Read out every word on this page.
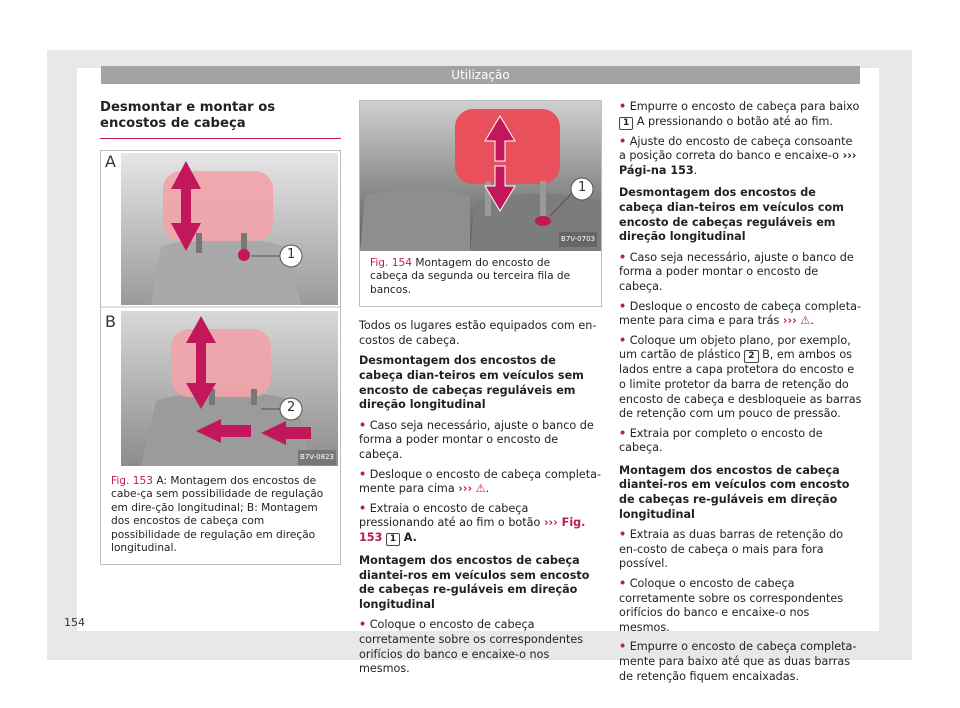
Utilização
Desmontar e montar os encostos de cabeça
A
B
1
2
B7V-0823
Fig. 153 A: Montagem dos encostos de cabe-ça sem possibilidade de regulação em dire-ção longitudinal; B: Montagem dos encostos de cabeça com possibilidade de regulação em direção longitudinal.
1
B7V-0703
Fig. 154 Montagem do encosto de cabeça da segunda ou terceira fila de bancos.

Todos os lugares estão equipados com en-costos de cabeça.

Desmontagem dos encostos de cabeça dian-teiros em veículos sem encosto de cabeças reguláveis em direção longitudinal

• Caso seja necessário, ajuste o banco de forma a poder montar o encosto de cabeça.
• Desloque o encosto de cabeça completa-mente para cima ››› ⚠.
• Extraia o encosto de cabeça pressionando até ao fim o botão ››› Fig. 153 1 A.

Montagem dos encostos de cabeça diantei-ros em veículos sem encosto de cabeças re-guláveis em direção longitudinal

• Coloque o encosto de cabeça corretamente sobre os correspondentes orifícios do banco e encaixe-o nos mesmos.
• Empurre o encosto de cabeça para baixo 1 A pressionando o botão até ao fim.
• Ajuste do encosto de cabeça consoante a posição correta do banco e encaixe-o ››› Pági-na 153.

Desmontagem dos encostos de cabeça dian-teiros em veículos com encosto de cabeças reguláveis em direção longitudinal

• Caso seja necessário, ajuste o banco de forma a poder montar o encosto de cabeça.
• Desloque o encosto de cabeça completa-mente para cima e para trás ››› ⚠.
• Coloque um objeto plano, por exemplo, um cartão de plástico 2 B, em ambos os lados entre a capa protetora do encosto e o limite protetor da barra de retenção do encosto de cabeça e desbloqueie as barras de retenção com um pouco de pressão.
• Extraia por completo o encosto de cabeça.

Montagem dos encostos de cabeça diantei-ros em veículos com encosto de cabeças re-guláveis em direção longitudinal

• Extraia as duas barras de retenção do en-costo de cabeça o mais para fora possível.
• Coloque o encosto de cabeça corretamente sobre os correspondentes orifícios do banco e encaixe-o nos mesmos.
• Empurre o encosto de cabeça completa-mente para baixo até que as duas barras de retenção fiquem encaixadas.
154
